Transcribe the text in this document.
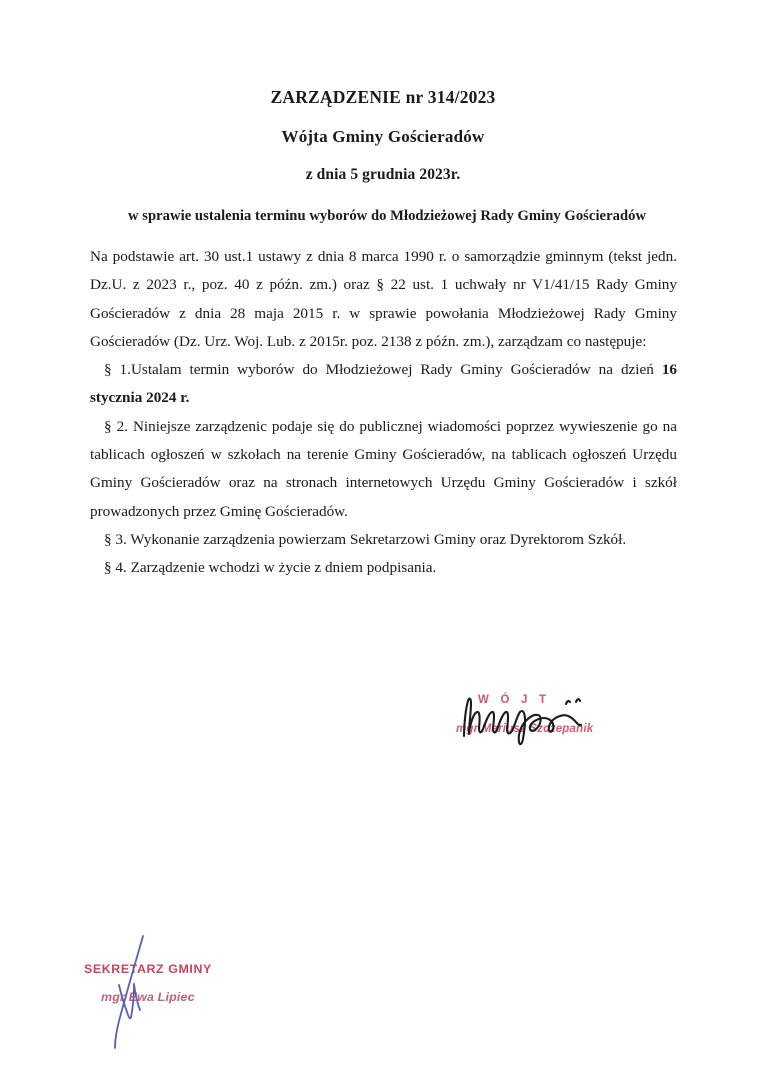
ZARZĄDZENIE nr 314/2023
Wójta Gminy Gościeradów
z dnia 5 grudnia 2023r.
w sprawie ustalenia terminu wyborów do Młodzieżowej Rady Gminy Gościeradów

Na podstawie art. 30 ust.1 ustawy z dnia 8 marca 1990 r. o samorządzie gminnym (tekst jedn. Dz.U. z 2023 r., poz. 40 z późn. zm.) oraz § 22 ust. 1 uchwały nr V1/41/15 Rady Gminy Gościeradów z dnia 28 maja 2015 r. w sprawie powołania Młodzieżowej Rady Gminy Gościeradów (Dz. Urz. Woj. Lub. z 2015r. poz. 2138 z późn. zm.), zarządzam co następuje:

§ 1.Ustalam termin wyborów do Młodzieżowej Rady Gminy Gościeradów na dzień 16 stycznia 2024 r.

§ 2. Niniejsze zarządzenic podaje się do publicznej wiadomości poprzez wywieszenie go na tablicach ogłoszeń w szkołach na terenie Gminy Gościeradów, na tablicach ogłoszeń Urzędu Gminy Gościeradów oraz na stronach internetowych Urzędu Gminy Gościeradów i szkół prowadzonych przez Gminę Gościeradów.

§ 3. Wykonanie zarządzenia powierzam Sekretarzowi Gminy oraz Dyrektorom Szkół.

§ 4. Zarządzenie wchodzi w życie z dniem podpisania.

W Ó J T
mgr Mariusz Szczepanik
SEKRETARZ GMINY
mgr Ewa Lipiec
